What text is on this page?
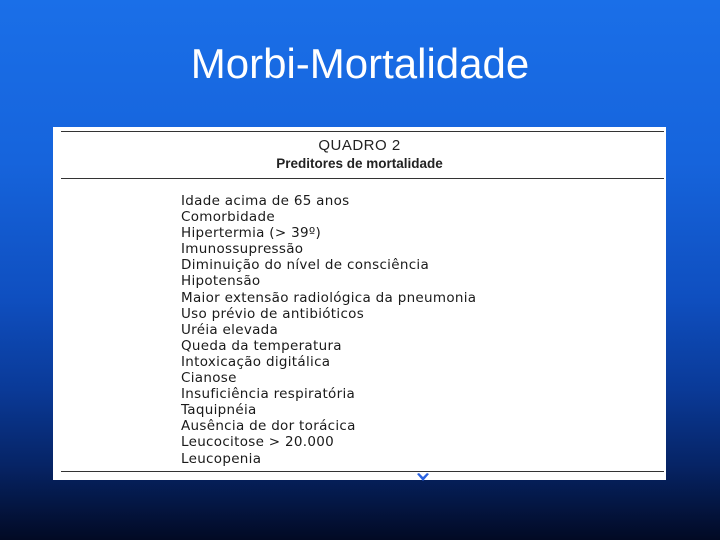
Morbi-Mortalidade
QUADRO 2
Preditores de mortalidade
Idade acima de 65 anos
Comorbidade
Hipertermia (> 39º)
Imunossupressão
Diminuição do nível de consciência
Hipotensão
Maior extensão radiológica da pneumonia
Uso prévio de antibióticos
Uréia elevada
Queda da temperatura
Intoxicação digitálica
Cianose
Insuficiência respiratória
Taquipnéia
Ausência de dor torácica
Leucocitose > 20.000
Leucopenia
